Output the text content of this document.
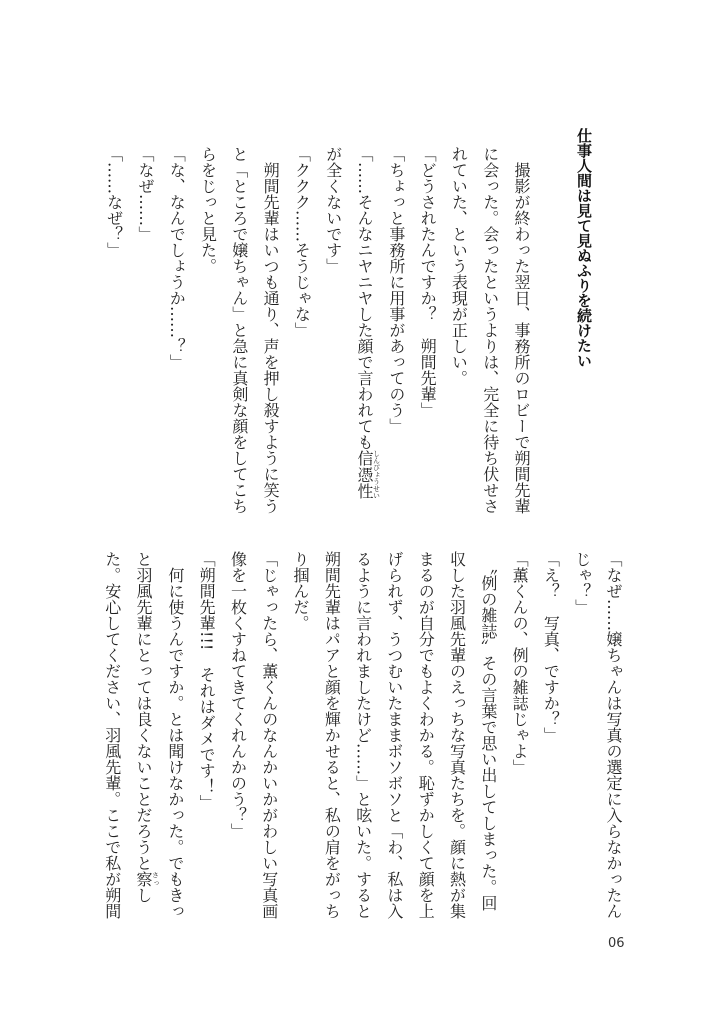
仕事人間は見て見ぬふりを続けたい
　撮影が終わった翌日、事務所のロビーで朔間先輩
に会った。会ったというよりは、完全に待ち伏せさ
れていた、という表現が正しい。
「どうされたんですか？　朔間先輩」
「ちょっと事務所に用事があってのう」
「……そんなニヤニヤした顔で言われても信憑性しんぴょうせい
が全くないです」
「ククク……そうじゃな」
　朔間先輩はいつも通り、声を押し殺すように笑う
と「ところで嬢ちゃん」と急に真剣な顔をしてこち
らをじっと見た。
「な、なんでしょうか……？」
「なぜ……」
「……なぜ？」
「なぜ……嬢ちゃんは写真の選定に入らなかったん
じゃ？」
「え？　写真、ですか？」
「薫くんの、例の雑誌じゃよ」
　〝例の雑誌〟その言葉で思い出してしまった。回
収した羽風先輩のえっちな写真たちを。顔に熱が集
まるのが自分でもよくわかる。恥ずかしくて顔を上
げられず、うつむいたままボソボソと「わ、私は入
るように言われましたけど……」と呟いた。すると
朔間先輩はパアと顔を輝かせると、私の肩をがっち
り掴んだ。
「じゃったら、薫くんのなんかいかがわしい写真画
像を一枚くすねてきてくれんかのう？」
「朔間先輩!!!　それはダメです！」
　何に使うんですか。とは聞けなかった。でもきっ
と羽風先輩にとっては良くないことだろうと察さっし
た。安心してください、羽風先輩。ここで私が朔間
06
